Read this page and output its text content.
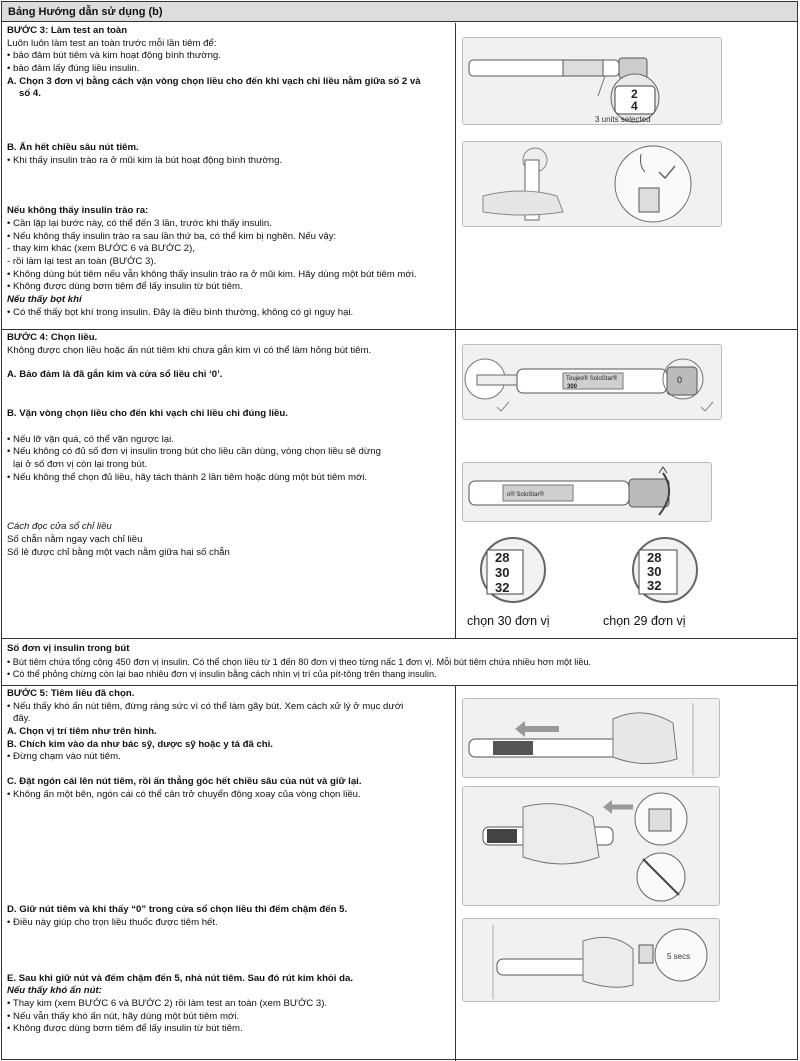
Bảng Hướng dẫn sử dụng (b)
BƯỚC 3: Làm test an toàn
Luôn luôn làm test an toàn trước mỗi lần tiêm để:
• bảo đảm bút tiêm và kim hoạt động bình thường.
• bảo đảm lấy đúng liều insulin.
A. Chọn 3 đơn vị bằng cách vặn vòng chọn liều cho đến khi vạch chỉ liều nằm giữa số 2 và
số 4.
B. Ấn hết chiều sâu nút tiêm.
• Khi thấy insulin trào ra ở mũi kim là bút hoạt động bình thường.
Nếu không thấy insulin trào ra:
• Cần lặp lại bước này, có thể đến 3 lần, trước khi thấy insulin.
• Nếu không thấy insulin trào ra sau lần thứ ba, có thể kim bị nghẽn. Nếu vậy:
- thay kim khác (xem BƯỚC 6 và BƯỚC 2),
- rồi làm lại test an toàn (BƯỚC 3).
• Không dùng bút tiêm nếu vẫn không thấy insulin trào ra ở mũi kim. Hãy dùng một bút tiêm mới.
• Không được dùng bơm tiêm để lấy insulin từ bút tiêm.
Nếu thấy bọt khí
• Có thể thấy bọt khí trong insulin. Đây là điều bình thường, không có gì nguy hại.
2
4
3 units selected
BƯỚC 4: Chọn liều.
Không được chọn liều hoặc ấn nút tiêm khi chưa gắn kim vì có thể làm hỏng bút tiêm.
A. Bảo đảm là đã gắn kim và cửa sổ liều chỉ ‘0’.
B. Vặn vòng chọn liều cho đến khi vạch chỉ liều chỉ đúng liều.
• Nếu lỡ vặn quá, có thể vặn ngược lại.
• Nếu không có đủ số đơn vị insulin trong bút cho liều cần dùng, vòng chọn liều sẽ dừng
lại ở số đơn vị còn lại trong bút.
• Nếu không thể chọn đủ liều, hãy tách thành 2 lần tiêm hoặc dùng một bút tiêm mới.
Cách đọc cửa sổ chỉ liều
Số chẵn nằm ngay vạch chỉ liều
Số lẻ được chỉ bằng một vạch nằm giữa hai số chẵn
Toujeo® SoloStar®
300
0
o® SoloStar®
28
30
32
chọn 30 đơn vị
28
30
32
chọn 29 đơn vị
Số đơn vị insulin trong bút
• Bút tiêm chứa tổng cộng 450 đơn vị insulin. Có thể chọn liều từ 1 đến 80 đơn vị theo từng nấc 1 đơn vị. Mỗi bút tiêm chứa nhiều hơn một liều.
• Có thể phỏng chừng còn lại bao nhiêu đơn vị insulin bằng cách nhìn vị trí của pít-tông trên thang insulin.
BƯỚC 5: Tiêm liều đã chọn.
• Nếu thấy khó ấn nút tiêm, đừng ráng sức vì có thể làm gãy bút. Xem cách xử lý ở mục dưới
đây.
A. Chọn vị trí tiêm như trên hình.
B. Chích kim vào da như bác sỹ, dược sỹ hoặc y tá đã chỉ.
• Đừng chạm vào nút tiêm.
C. Đặt ngón cái lên nút tiêm, rồi ấn thẳng góc hết chiều sâu của nút và giữ lại.
• Không ấn một bên, ngón cái có thể cản trở chuyển động xoay của vòng chọn liều.
D. Giữ nút tiêm và khi thấy “0” trong cửa sổ chọn liều thì đếm chậm đến 5.
• Điều này giúp cho trọn liều thuốc được tiêm hết.
E. Sau khi giữ nút và đếm chậm đến 5, nhả nút tiêm. Sau đó rút kim khỏi da.
Nếu thấy khó ấn nút:
• Thay kim (xem BƯỚC 6 và BƯỚC 2) rồi làm test an toàn (xem BƯỚC 3).
• Nếu vẫn thấy khó ấn nút, hãy dùng một bút tiêm mới.
• Không được dùng bơm tiêm để lấy insulin từ bút tiêm.
5 secs
